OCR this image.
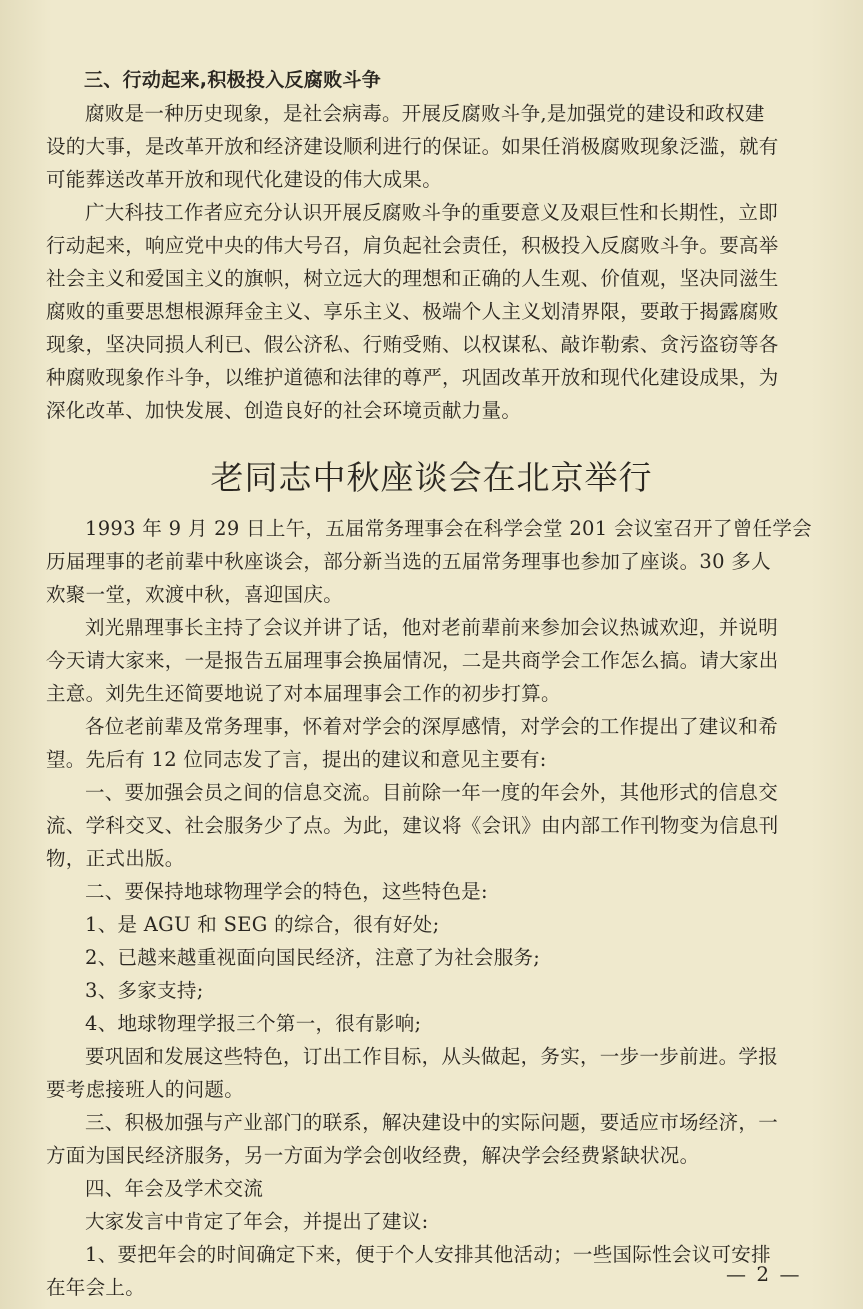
三、行动起来,积极投入反腐败斗争
腐败是一种历史现象，是社会病毒。开展反腐败斗争,是加强党的建设和政权建
设的大事，是改革开放和经济建设顺利进行的保证。如果任消极腐败现象泛滥，就有
可能葬送改革开放和现代化建设的伟大成果。
广大科技工作者应充分认识开展反腐败斗争的重要意义及艰巨性和长期性，立即
行动起来，响应党中央的伟大号召，肩负起社会责任，积极投入反腐败斗争。要高举
社会主义和爱国主义的旗帜，树立远大的理想和正确的人生观、价值观，坚决同滋生
腐败的重要思想根源拜金主义、享乐主义、极端个人主义划清界限，要敢于揭露腐败
现象，坚决同损人利已、假公济私、行贿受贿、以权谋私、敲诈勒索、贪污盗窃等各
种腐败现象作斗争，以维护道德和法律的尊严，巩固改革开放和现代化建设成果，为
深化改革、加快发展、创造良好的社会环境贡献力量。
老同志中秋座谈会在北京举行
1993 年 9 月 29 日上午，五届常务理事会在科学会堂 201 会议室召开了曾任学会
历届理事的老前辈中秋座谈会，部分新当选的五届常务理事也参加了座谈。30 多人
欢聚一堂，欢渡中秋，喜迎国庆。
刘光鼎理事长主持了会议并讲了话，他对老前辈前来参加会议热诚欢迎，并说明
今天请大家来，一是报告五届理事会换届情况，二是共商学会工作怎么搞。请大家出
主意。刘先生还简要地说了对本届理事会工作的初步打算。
各位老前辈及常务理事，怀着对学会的深厚感情，对学会的工作提出了建议和希
望。先后有 12 位同志发了言，提出的建议和意见主要有:
一、要加强会员之间的信息交流。目前除一年一度的年会外，其他形式的信息交
流、学科交叉、社会服务少了点。为此，建议将《会讯》由内部工作刊物变为信息刊
物，正式出版。
二、要保持地球物理学会的特色，这些特色是:
1、是 AGU 和 SEG 的综合，很有好处;
2、已越来越重视面向国民经济，注意了为社会服务;
3、多家支持;
4、地球物理学报三个第一，很有影响;
要巩固和发展这些特色，订出工作目标，从头做起，务实，一步一步前进。学报
要考虑接班人的问题。
三、积极加强与产业部门的联系，解决建设中的实际问题，要适应市场经济，一
方面为国民经济服务，另一方面为学会创收经费，解决学会经费紧缺状况。
四、年会及学术交流
大家发言中肯定了年会，并提出了建议:
1、要把年会的时间确定下来，便于个人安排其他活动；一些国际性会议可安排
在年会上。
— 2 —
